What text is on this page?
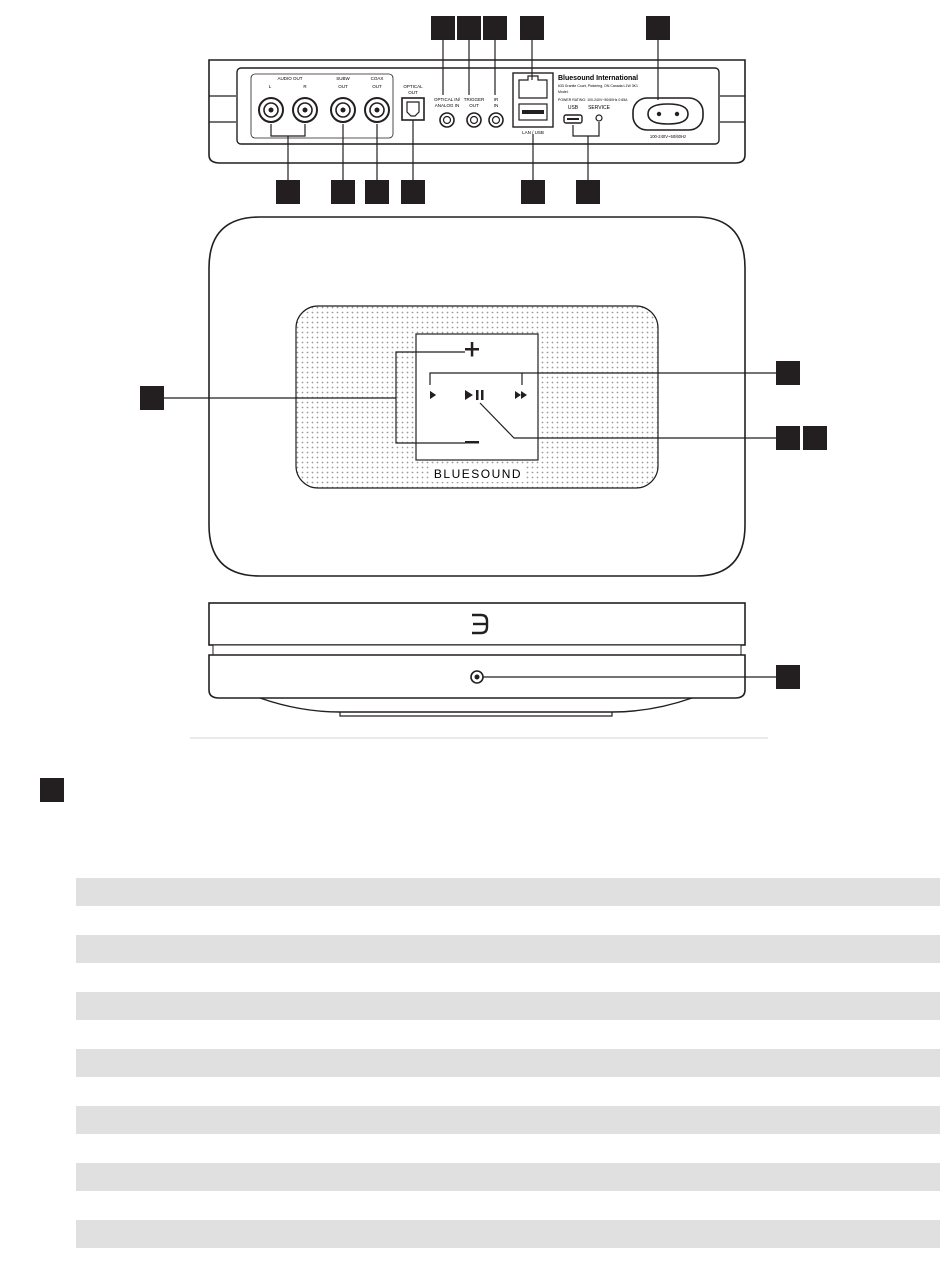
AUDIO OUT
L	R
SUBW
OUT
COAX
OUT	OPTICAL
OUT
OPTICAL IN/
ANALOG IN
TRIGGER
OUT
IR
IN
LAN / USB
Bluesound International
633 Granite Court, Pickering, ON Canada L1W 3K1
Model:
POWER RATING: 100-240V~50/60Hz 0.65A
USB SERVICE
100-240V~50/60Hz
BLUESOUND
